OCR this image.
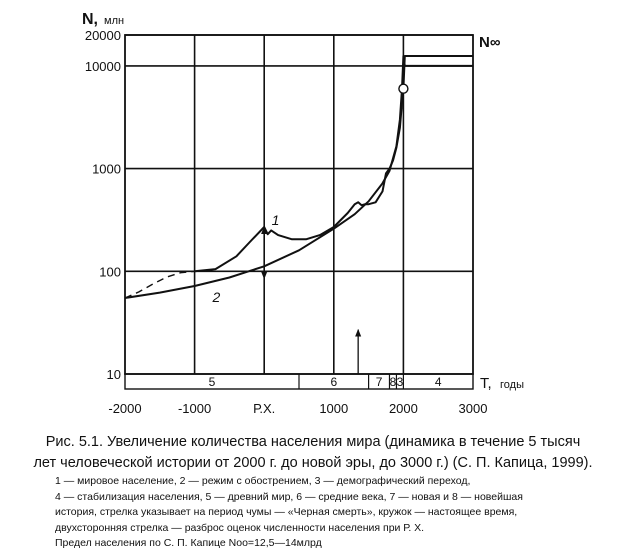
5	6	7 8 3	4
10
100
1000
10000
20000
-2000	-1000	Р.Х.	1000	2000	3000
N, млн
Т, годы
N∞
1
2
Рис. 5.1. Увеличение количества населения мира (динамика в течение 5 тысяч
лет человеческой истории от 2000 г. до новой эры, до 3000 г.) (С. П. Капица, 1999).
1 — мировое население, 2 — режим с обострением, 3 — демографический переход,
4 — стабилизация населения, 5 — древний мир, 6 — средние века, 7 — новая и 8 — новейшая
история, стрелка указывает на период чумы — «Черная смерть», кружок — настоящее время,
двухсторонняя стрелка — разброс оценок численности населения при Р. Х.
Предел населения по С. П. Капице Noo=12,5—14млрд
